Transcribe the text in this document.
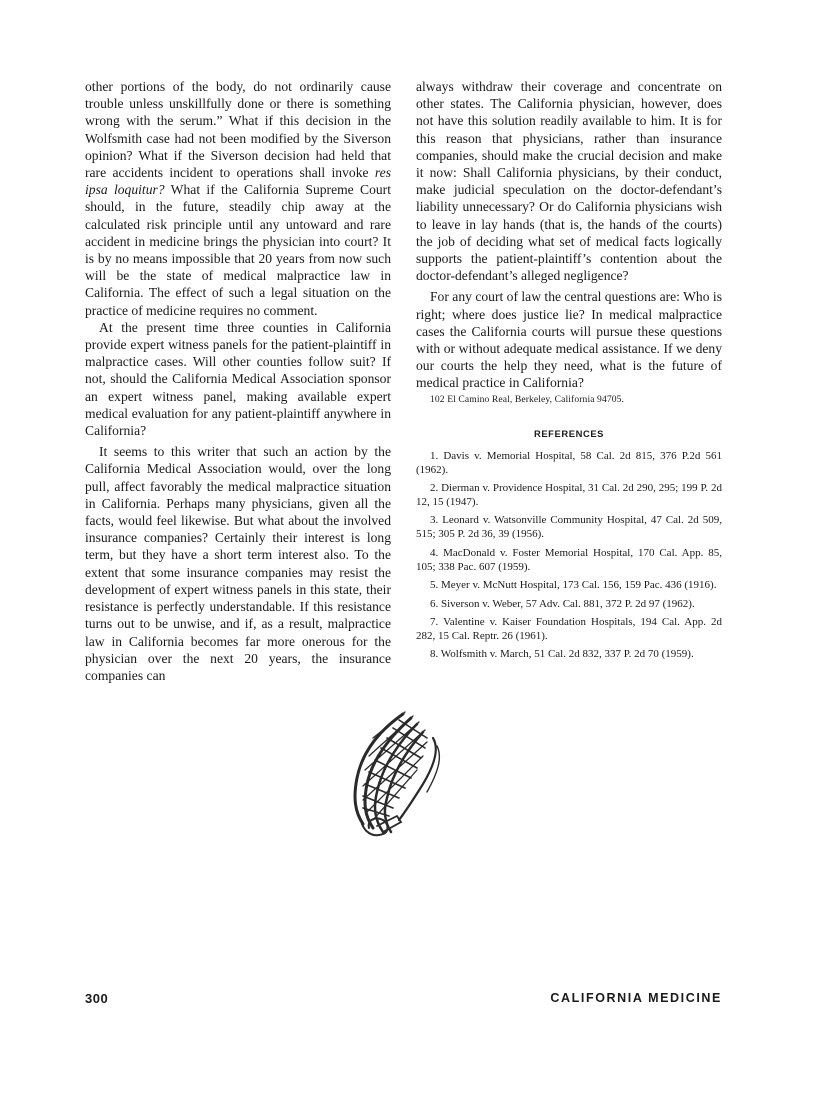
other portions of the body, do not ordinarily cause trouble unless unskillfully done or there is something wrong with the serum.” What if this decision in the Wolfsmith case had not been modified by the Siverson opinion? What if the Siverson decision had held that rare accidents incident to operations shall invoke res ipsa loquitur? What if the California Supreme Court should, in the future, steadily chip away at the calculated risk principle until any untoward and rare accident in medicine brings the physician into court? It is by no means impossible that 20 years from now such will be the state of medical malpractice law in California. The effect of such a legal situation on the practice of medicine requires no comment.

At the present time three counties in California provide expert witness panels for the patient-plaintiff in malpractice cases. Will other counties follow suit? If not, should the California Medical Association sponsor an expert witness panel, making available expert medical evaluation for any patient-plaintiff anywhere in California?

It seems to this writer that such an action by the California Medical Association would, over the long pull, affect favorably the medical malpractice situation in California. Perhaps many physicians, given all the facts, would feel likewise. But what about the involved insurance companies? Certainly their interest is long term, but they have a short term interest also. To the extent that some insurance companies may resist the development of expert witness panels in this state, their resistance is perfectly understandable. If this resistance turns out to be unwise, and if, as a result, malpractice law in California becomes far more onerous for the physician over the next 20 years, the insurance companies can

always withdraw their coverage and concentrate on other states. The California physician, however, does not have this solution readily available to him. It is for this reason that physicians, rather than insurance companies, should make the crucial decision and make it now: Shall California physicians, by their conduct, make judicial speculation on the doctor-defendant’s liability unnecessary? Or do California physicians wish to leave in lay hands (that is, the hands of the courts) the job of deciding what set of medical facts logically supports the patient-plaintiff’s contention about the doctor-defendant’s alleged negligence?

For any court of law the central questions are: Who is right; where does justice lie? In medical malpractice cases the California courts will pursue these questions with or without adequate medical assistance. If we deny our courts the help they need, what is the future of medical practice in California?

102 El Camino Real, Berkeley, California 94705.
REFERENCES
1. Davis v. Memorial Hospital, 58 Cal. 2d 815, 376 P.2d 561 (1962).
2. Dierman v. Providence Hospital, 31 Cal. 2d 290, 295; 199 P. 2d 12, 15 (1947).
3. Leonard v. Watsonville Community Hospital, 47 Cal. 2d 509, 515; 305 P. 2d 36, 39 (1956).
4. MacDonald v. Foster Memorial Hospital, 170 Cal. App. 85, 105; 338 Pac. 607 (1959).
5. Meyer v. McNutt Hospital, 173 Cal. 156, 159 Pac. 436 (1916).
6. Siverson v. Weber, 57 Adv. Cal. 881, 372 P. 2d 97 (1962).
7. Valentine v. Kaiser Foundation Hospitals, 194 Cal. App. 2d 282, 15 Cal. Reptr. 26 (1961).
8. Wolfsmith v. March, 51 Cal. 2d 832, 337 P. 2d 70 (1959).
300	CALIFORNIA MEDICINE
